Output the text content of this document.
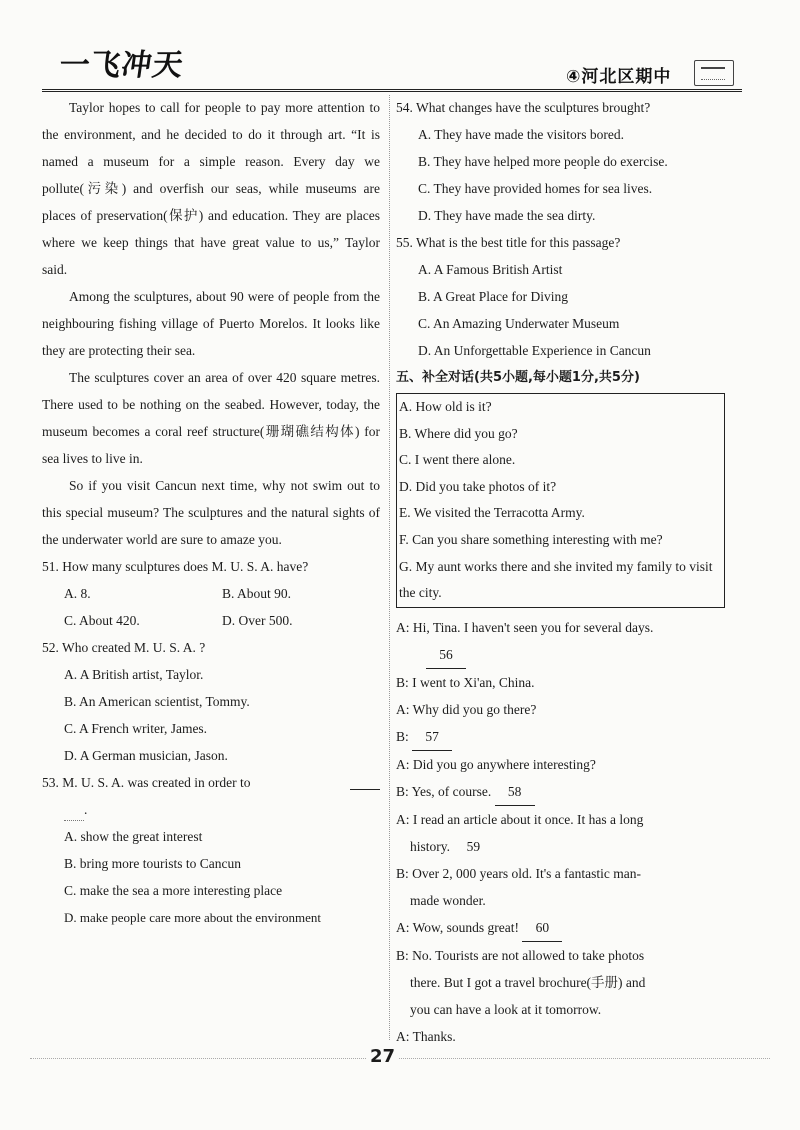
一飞冲天	④河北区期中

Taylor hopes to call for people to pay more attention to the environment, and he decided to do it through art. “It is named a museum for a simple reason. Every day we pollute(污染) and overfish our seas, while museums are places of preservation(保护) and education. They are places where we keep things that have great value to us,” Taylor said.

Among the sculptures, about 90 were of people from the neighbouring fishing village of Puerto Morelos. It looks like they are protecting their sea.

The sculptures cover an area of over 420 square metres. There used to be nothing on the seabed. However, today, the museum becomes a coral reef structure(珊瑚礁结构体) for sea lives to live in.

So if you visit Cancun next time, why not swim out to this special museum? The sculptures and the natural sights of the underwater world are sure to amaze you.

51. How many sculptures does M. U. S. A. have?

A. 8.	B. About 90.
C. About 420.	D. Over 500.

52. Who created M. U. S. A. ?

A. A British artist, Taylor.

B. An American scientist, Tommy.

C. A French writer, James.

D. A German musician, Jason.

53. M. U. S. A. was created in order to

.

A. show the great interest

B. bring more tourists to Cancun

C. make the sea a more interesting place

D. make people care more about the environment

54. What changes have the sculptures brought?

A. They have made the visitors bored.

B. They have helped more people do exercise.

C. They have provided homes for sea lives.

D. They have made the sea dirty.

55. What is the best title for this passage?

A. A Famous British Artist

B. A Great Place for Diving

C. An Amazing Underwater Museum

D. An Unforgettable Experience in Cancun

五、补全对话(共5小题,每小题1分,共5分)

A. How old is it?
B. Where did you go?
C. I went there alone.
D. Did you take photos of it?
E. We visited the Terracotta Army.
F. Can you share something interesting with me?
G. My aunt works there and she invited my family to visit the city.

A: Hi, Tina. I haven't seen you for several days.

56

B: I went to Xi'an, China.

A: Why did you go there?

B: 57

A: Did you go anywhere interesting?

B: Yes, of course. 58

A: I read an article about it once. It has a long

history. 59

B: Over 2, 000 years old. It's a fantastic man-

made wonder.

A: Wow, sounds great! 60

B: No. Tourists are not allowed to take photos

there. But I got a travel brochure(手册) and

you can have a look at it tomorrow.

A: Thanks.

27
